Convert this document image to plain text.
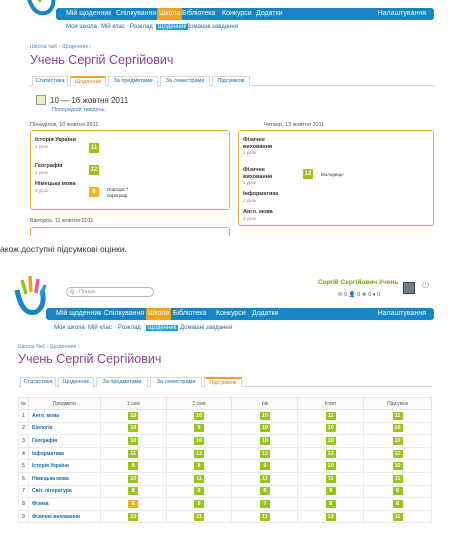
Мій щоденник Спілкування Школа Бібліотека Конкурси Додатки	Налаштування
Моя школа Мій клас Розклад Щоденник Домашні завдання
Школа №6 › Щоденник ›
Учень Сергій Сергійович
Статистика	Щоденник	За предметами	За семестрами	Підсумкові
10 — 16 жовтня 2011
Попередній тиждень
Понеділок, 10 жовтня 2011
Історія України
1 урок	11
Географія
2 урок	12
Німецька мова
3 урок	6	Повтори 7 параграф
Четвер, 13 жовтня 2011
Фізичне виховання
1 урок
Фізичне виховання
1 урок
12	Молодець!
Інформатика
2 урок
Англ. мова
3 урок
Вівторок, 11 жовтня 2011
акож доступні підсумкові оцінки.
⚲ Пошук
Сергій Сергійович Учень
✉ 0 👤 0 ★ 0 ♦ 0
⏻
Мій щоденник Спілкування Школа Бібліотека Конкурси Додатки	Налаштування
Моя школа Мій клас Розклад	Щоденник Домашні завдання
Школа №6 › Щоденник ›
Учень Сергій Сергійович
Статистика	Щоденник	За предметами	За семестрами	Підсумкові
№	Предмети	1 сем	2 сем	рік	Іспит	Підсумок
1	Англ. мова	10	10	10	11	11
2	Біологія	10	9	10	10	10
3	Географія	10	10	10	10	10
4	Інформатика	11	12	12	12	12
5	Історія України	9	8	9	10	10
6	Німецька мова	10	11	11	11	11
7	Світ. література	8	8	8	9	8
8	Фізика	6	8	7	8	8
9	Фізичне виховання	10	11	11	12	11
